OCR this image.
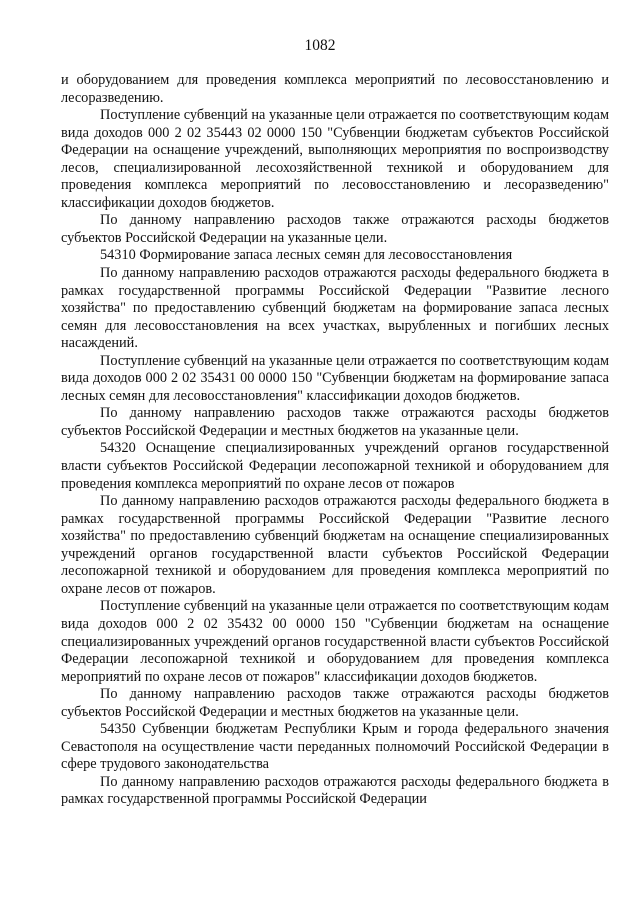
1082

и оборудованием для проведения комплекса мероприятий по лесовосстановлению и лесоразведению.

Поступление субвенций на указанные цели отражается по соответствующим кодам вида доходов 000 2 02 35443 02 0000 150 "Субвенции бюджетам субъектов Российской Федерации на оснащение учреждений, выполняющих мероприятия по воспроизводству лесов, специализированной лесохозяйственной техникой и оборудованием для проведения комплекса мероприятий по лесовосстановлению и лесоразведению" классификации доходов бюджетов.

По данному направлению расходов также отражаются расходы бюджетов субъектов Российской Федерации на указанные цели.

54310 Формирование запаса лесных семян для лесовосстановления

По данному направлению расходов отражаются расходы федерального бюджета в рамках государственной программы Российской Федерации "Развитие лесного хозяйства" по предоставлению субвенций бюджетам на формирование запаса лесных семян для лесовосстановления на всех участках, вырубленных и погибших лесных насаждений.

Поступление субвенций на указанные цели отражается по соответствующим кодам вида доходов 000 2 02 35431 00 0000 150 "Субвенции бюджетам на формирование запаса лесных семян для лесовосстановления" классификации доходов бюджетов.

По данному направлению расходов также отражаются расходы бюджетов субъектов Российской Федерации и местных бюджетов на указанные цели.

54320 Оснащение специализированных учреждений органов государственной власти субъектов Российской Федерации лесопожарной техникой и оборудованием для проведения комплекса мероприятий по охране лесов от пожаров

По данному направлению расходов отражаются расходы федерального бюджета в рамках государственной программы Российской Федерации "Развитие лесного хозяйства" по предоставлению субвенций бюджетам на оснащение специализированных учреждений органов государственной власти субъектов Российской Федерации лесопожарной техникой и оборудованием для проведения комплекса мероприятий по охране лесов от пожаров.

Поступление субвенций на указанные цели отражается по соответствующим кодам вида доходов 000 2 02 35432 00 0000 150 "Субвенции бюджетам на оснащение специализированных учреждений органов государственной власти субъектов Российской Федерации лесопожарной техникой и оборудованием для проведения комплекса мероприятий по охране лесов от пожаров" классификации доходов бюджетов.

По данному направлению расходов также отражаются расходы бюджетов субъектов Российской Федерации и местных бюджетов на указанные цели.

54350 Субвенции бюджетам Республики Крым и города федерального значения Севастополя на осуществление части переданных полномочий Российской Федерации в сфере трудового законодательства

По данному направлению расходов отражаются расходы федерального бюджета в рамках государственной программы Российской Федерации
